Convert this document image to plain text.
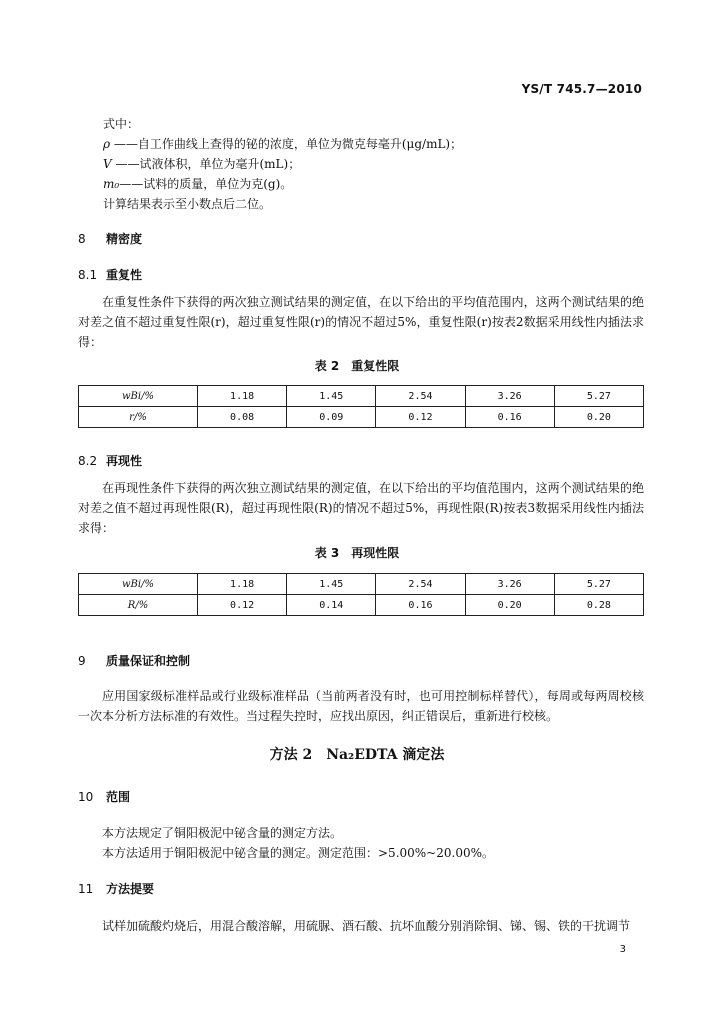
YS/T 745.7—2010
式中：
ρ ——自工作曲线上查得的铋的浓度，单位为微克每毫升(μg/mL)；
V ——试液体积，单位为毫升(mL)；
m₀——试料的质量，单位为克(g)。
计算结果表示至小数点后二位。
8 精密度
8.1 重复性
在重复性条件下获得的两次独立测试结果的测定值，在以下给出的平均值范围内，这两个测试结果的绝对差之值不超过重复性限(r)，超过重复性限(r)的情况不超过5%，重复性限(r)按表2数据采用线性内插法求得：
表 2　重复性限
wBi/%	1.18	1.45	2.54	3.26	5.27
r/%	0.08	0.09	0.12	0.16	0.20
8.2 再现性
在再现性条件下获得的两次独立测试结果的测定值，在以下给出的平均值范围内，这两个测试结果的绝对差之值不超过再现性限(R)，超过再现性限(R)的情况不超过5%，再现性限(R)按表3数据采用线性内插法求得：
表 3　再现性限
wBi/%	1.18	1.45	2.54	3.26	5.27
R/%	0.12	0.14	0.16	0.20	0.28
9 质量保证和控制
应用国家级标准样品或行业级标准样品（当前两者没有时，也可用控制标样替代），每周或每两周校核一次本分析方法标准的有效性。当过程失控时，应找出原因，纠正错误后，重新进行校核。
方法 2　Na₂EDTA 滴定法
10 范围
本方法规定了铜阳极泥中铋含量的测定方法。
本方法适用于铜阳极泥中铋含量的测定。测定范围：>5.00%~20.00%。
11 方法提要
试样加硫酸灼烧后，用混合酸溶解，用硫脲、酒石酸、抗坏血酸分别消除铜、锑、锡、铁的干扰调节
3
